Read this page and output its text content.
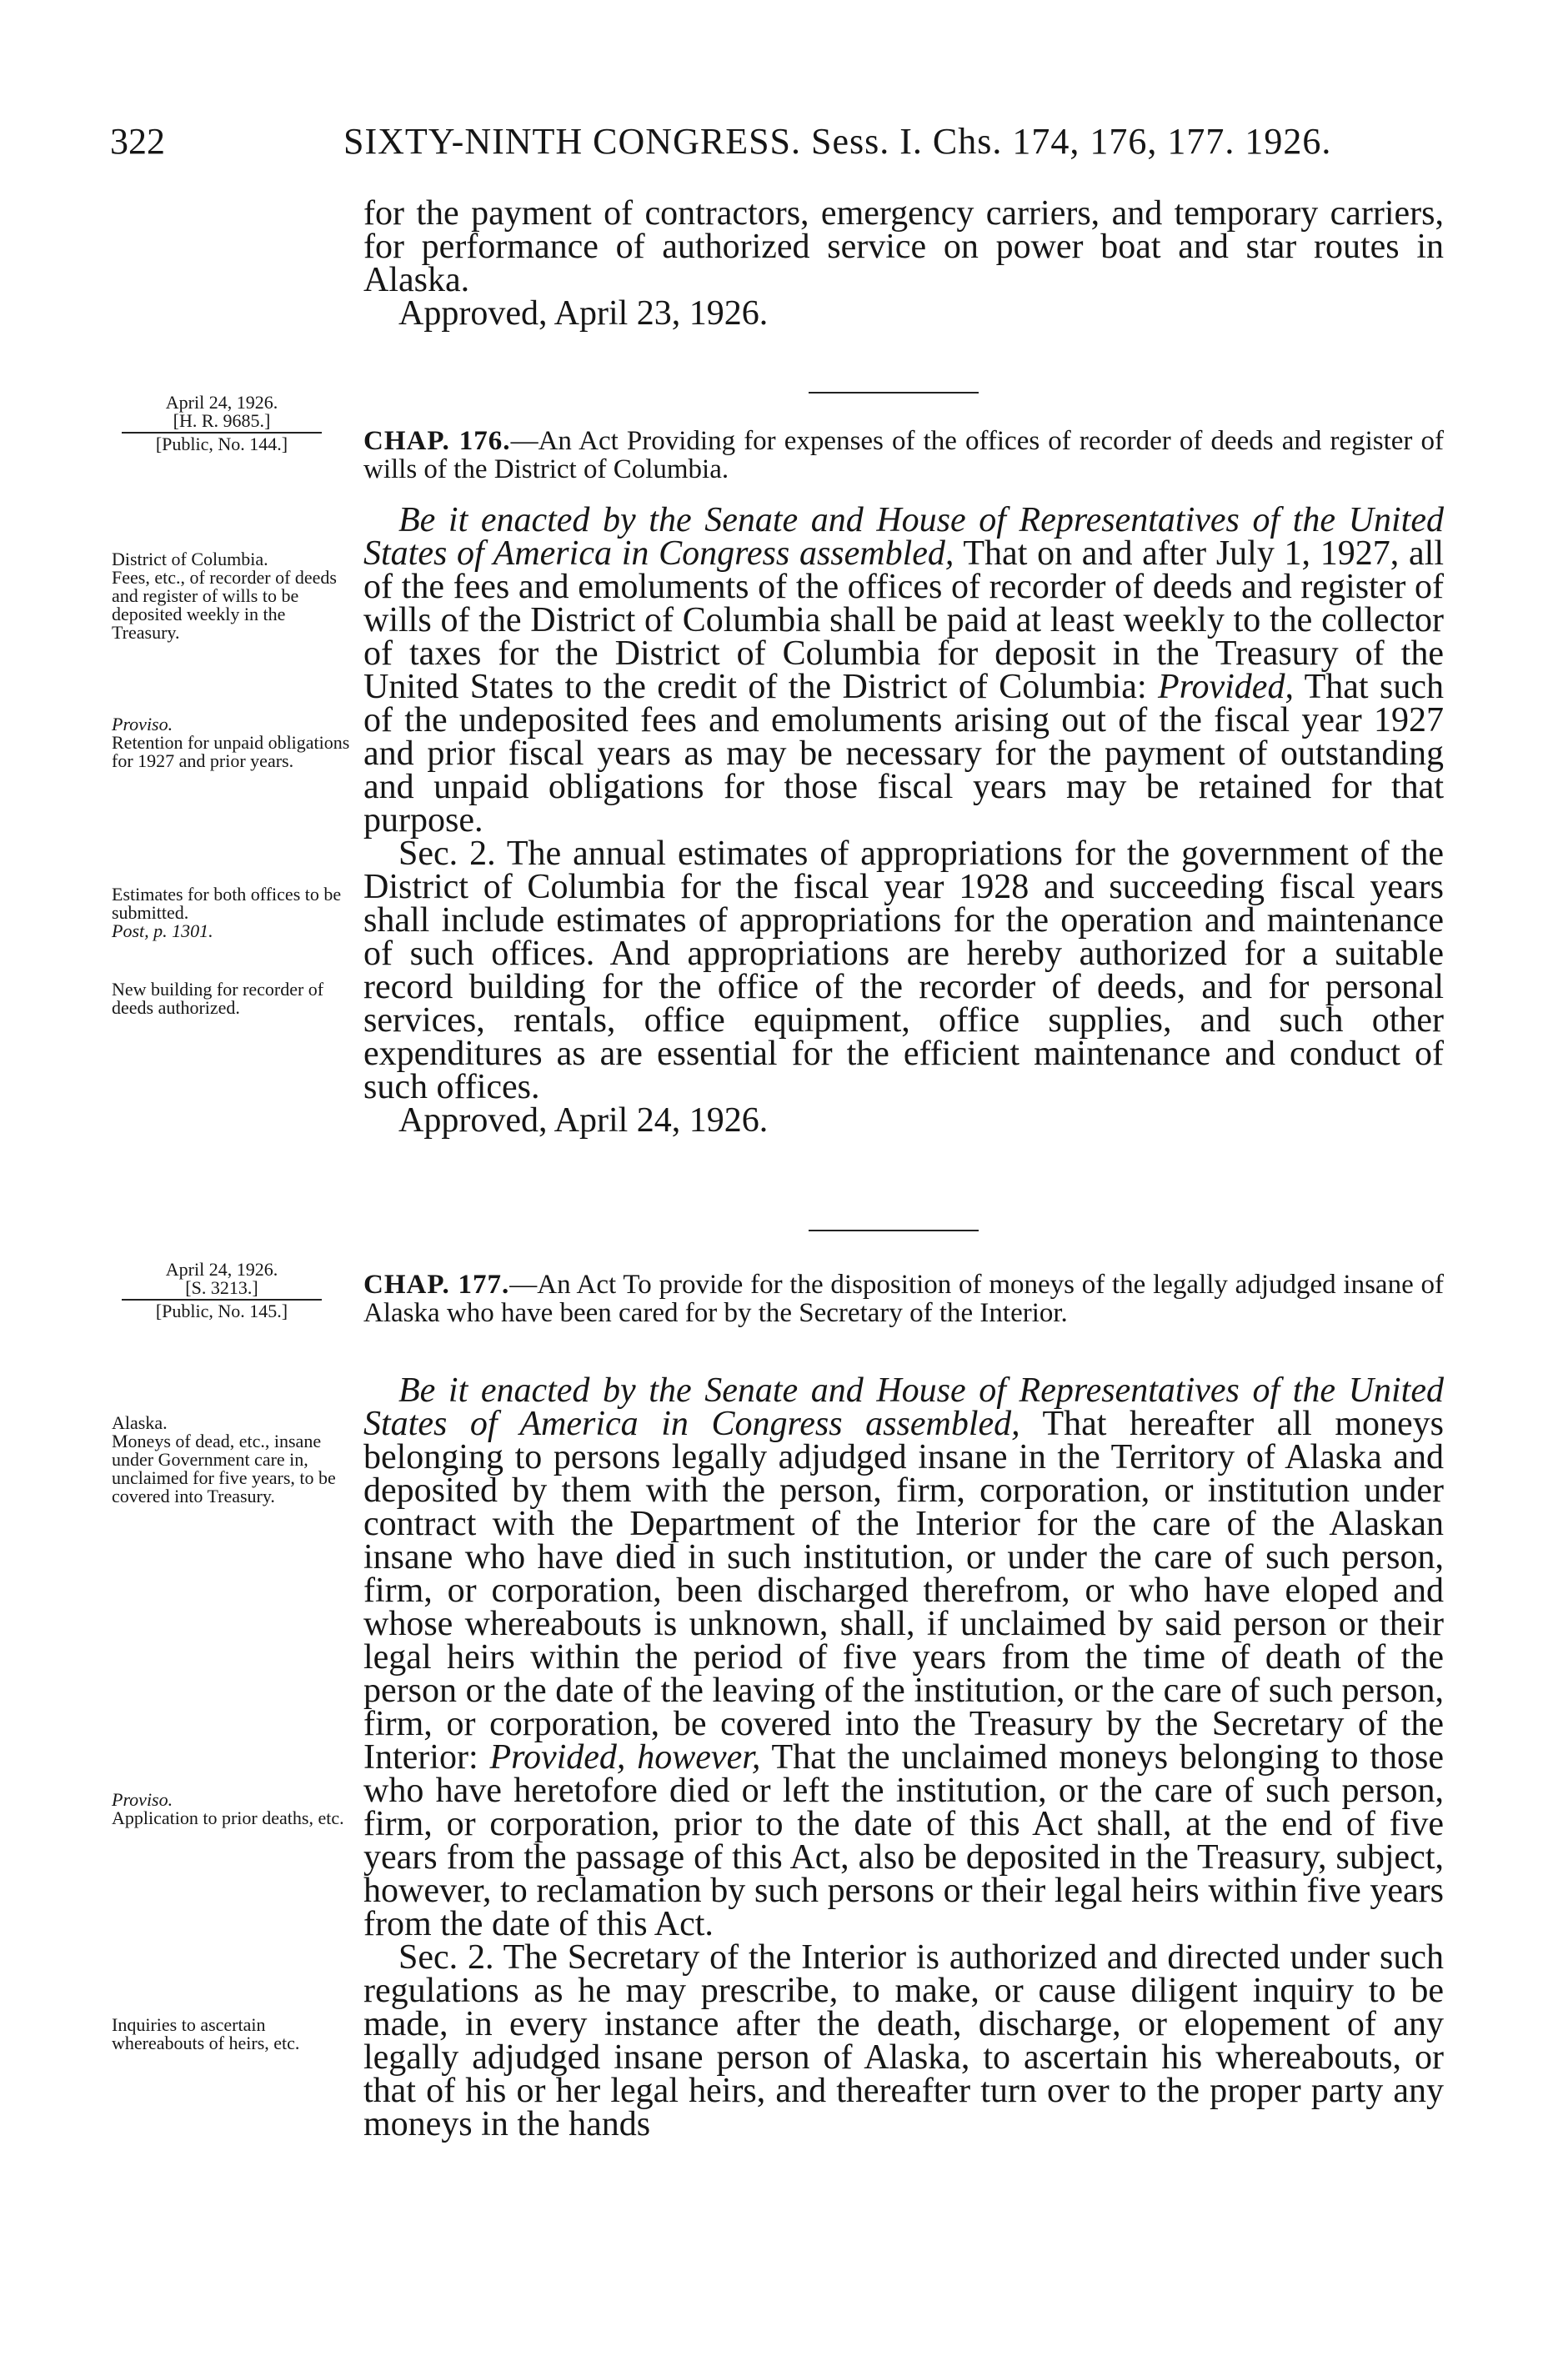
322	SIXTY-NINTH CONGRESS. Sess. I. Chs. 174, 176, 177. 1926.

for the payment of contractors, emergency carriers, and temporary carriers, for performance of authorized service on power boat and star routes in Alaska.

Approved, April 23, 1926.

April 24, 1926.

[H. R. 9685.]

[Public, No. 144.]	CHAP. 176.—An Act Providing for expenses of the offices of recorder of deeds and register of wills of the District of Columbia.

Be it enacted by the Senate and House of Representatives of the United States of America in Congress assembled, That on and after July 1, 1927, all of the fees and emoluments of the offices of recorder of deeds and register of wills of the District of Columbia shall be paid at least weekly to the collector of taxes for the District of Columbia for deposit in the Treasury of the United States to the credit of the District of Columbia: Provided, That such of the undeposited fees and emoluments arising out of the fiscal year 1927 and prior fiscal years as may be necessary for the payment of outstanding and unpaid obligations for those fiscal years may be retained for that purpose.

Sec. 2. The annual estimates of appropriations for the government of the District of Columbia for the fiscal year 1928 and succeeding fiscal years shall include estimates of appropriations for the operation and maintenance of such offices. And appropriations are hereby authorized for a suitable record building for the office of the recorder of deeds, and for personal services, rentals, office equipment, office supplies, and such other expenditures as are essential for the efficient maintenance and conduct of such offices.

Approved, April 24, 1926.

District of Columbia.

Fees, etc., of recorder of deeds and register of wills to be deposited weekly in the Treasury.

Proviso.

Retention for unpaid obligations for 1927 and prior years.

Estimates for both offices to be submitted.

Post, p. 1301.

New building for recorder of deeds authorized.

April 24, 1926.

[S. 3213.]

[Public, No. 145.]

CHAP. 177.—An Act To provide for the disposition of moneys of the legally adjudged insane of Alaska who have been cared for by the Secretary of the Interior.

Be it enacted by the Senate and House of Representatives of the United States of America in Congress assembled, That hereafter all moneys belonging to persons legally adjudged insane in the Territory of Alaska and deposited by them with the person, firm, corporation, or institution under contract with the Department of the Interior for the care of the Alaskan insane who have died in such institution, or under the care of such person, firm, or corporation, been discharged therefrom, or who have eloped and whose whereabouts is unknown, shall, if unclaimed by said person or their legal heirs within the period of five years from the time of death of the person or the date of the leaving of the institution, or the care of such person, firm, or corporation, be covered into the Treasury by the Secretary of the Interior: Provided, however, That the unclaimed moneys belonging to those who have heretofore died or left the institution, or the care of such person, firm, or corporation, prior to the date of this Act shall, at the end of five years from the passage of this Act, also be deposited in the Treasury, subject, however, to reclamation by such persons or their legal heirs within five years from the date of this Act.

Sec. 2. The Secretary of the Interior is authorized and directed under such regulations as he may prescribe, to make, or cause diligent inquiry to be made, in every instance after the death, discharge, or elopement of any legally adjudged insane person of Alaska, to ascertain his whereabouts, or that of his or her legal heirs, and thereafter turn over to the proper party any moneys in the hands

Alaska.

Moneys of dead, etc., insane under Government care in, unclaimed for five years, to be covered into Treasury.

Proviso.

Application to prior deaths, etc.

Inquiries to ascertain whereabouts of heirs, etc.
